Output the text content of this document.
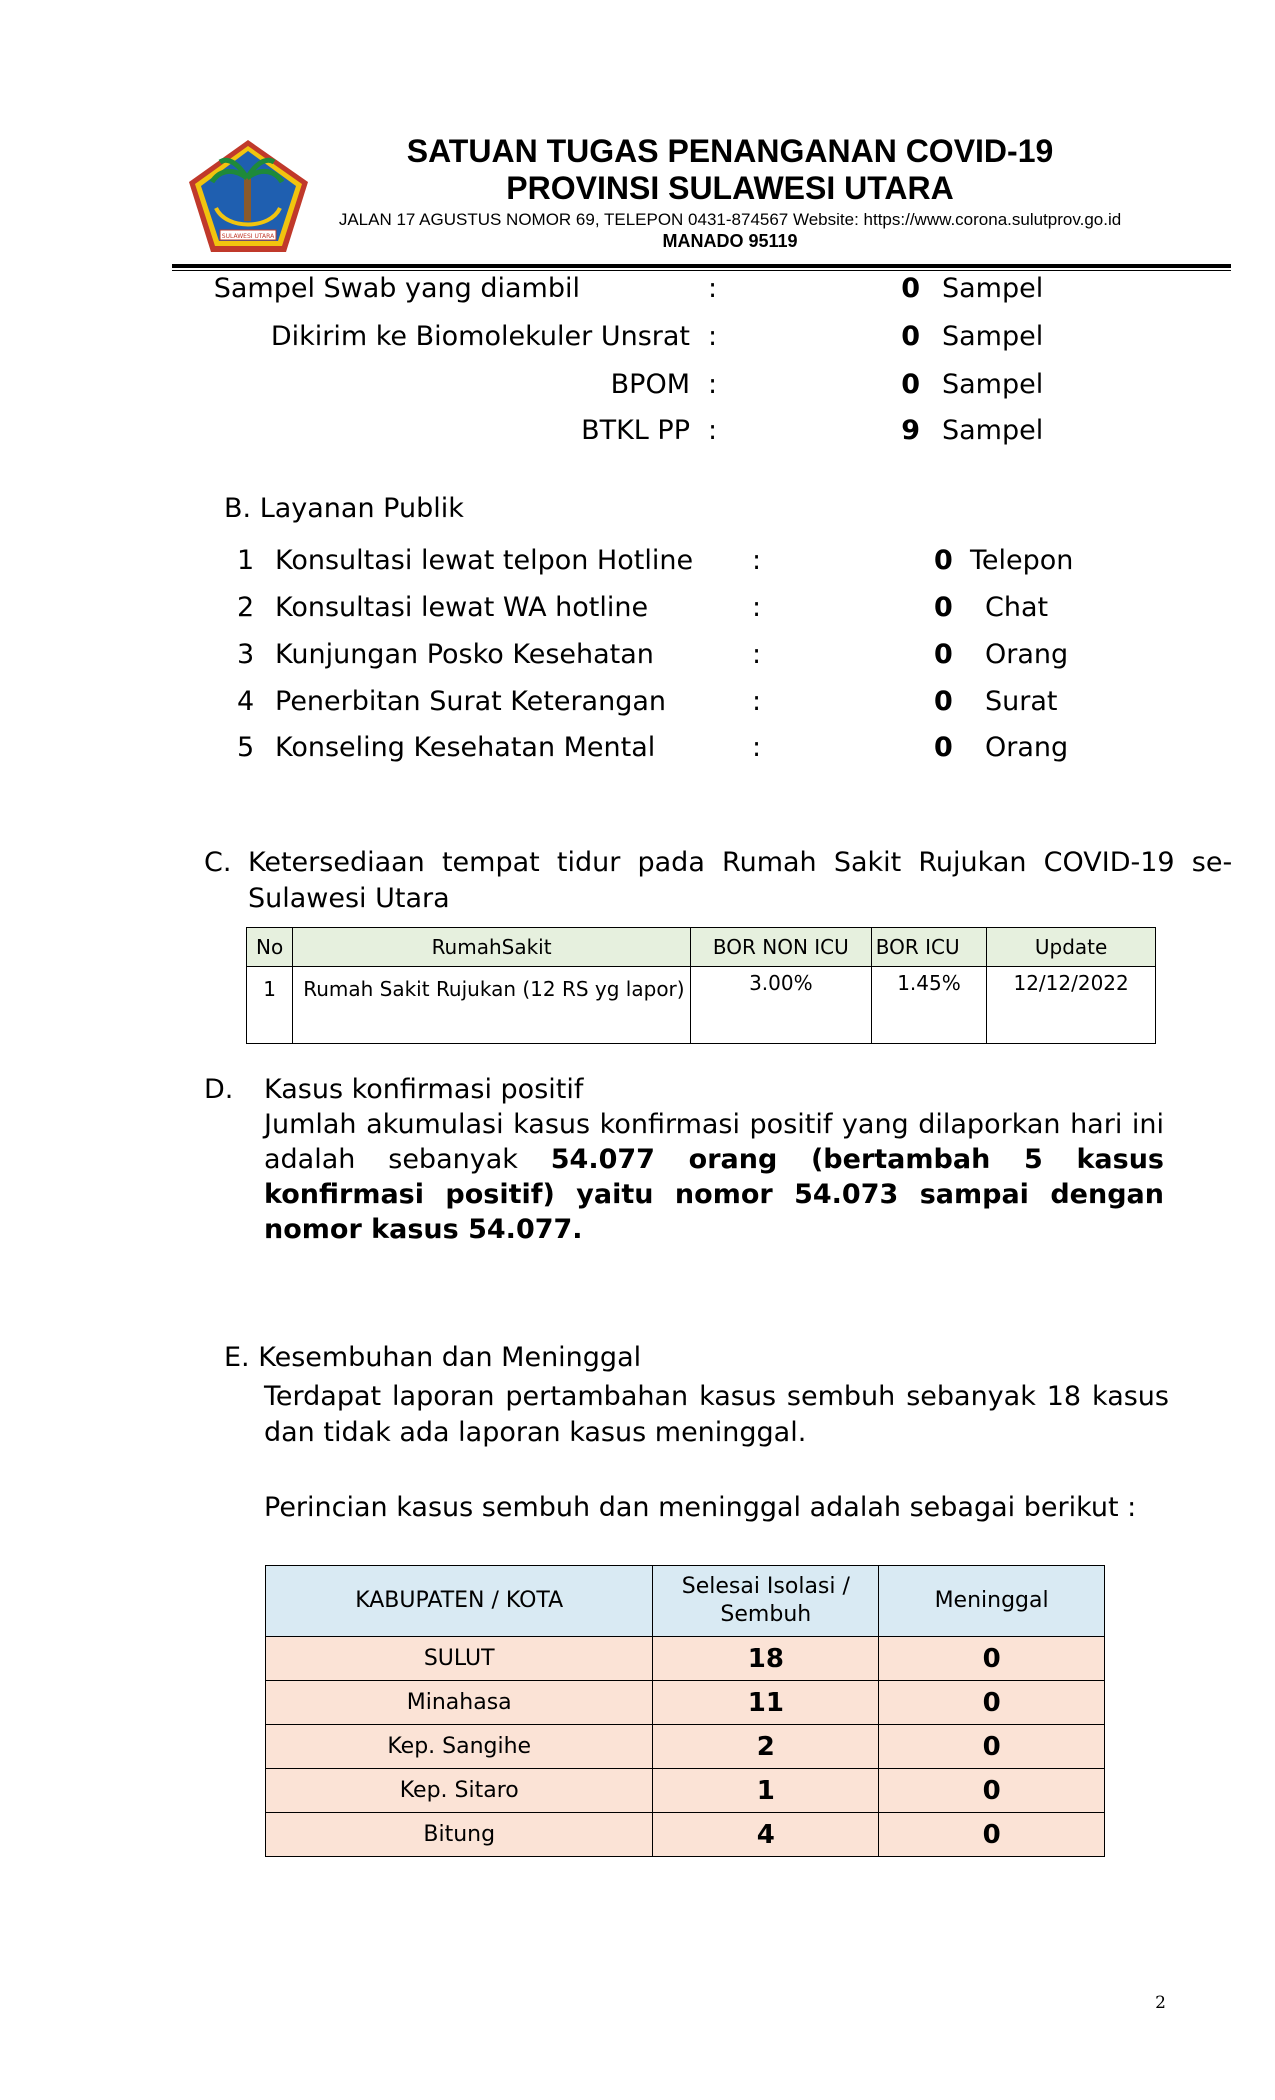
SULAWESI UTARA
SATUAN TUGAS PENANGANAN COVID-19
PROVINSI SULAWESI UTARA
JALAN 17 AGUSTUS NOMOR 69, TELEPON 0431-874567 Website: https://www.corona.sulutprov.go.id
MANADO 95119
Sampel Swab yang diambil	:	0 Sampel
Dikirim ke Biomolekuler Unsrat :	0 Sampel
BPOM :	0 Sampel
BTKL PP :	9 Sampel
B. Layanan Publik
1 Konsultasi lewat telpon Hotline :	0 Telepon
2 Konsultasi lewat WA hotline	:	0 Chat
3 Kunjungan Posko Kesehatan	:	0 Orang
4 Penerbitan Surat Keterangan	:	0 Surat
5 Konseling Kesehatan Mental	:	0 Orang
C. Ketersediaan  tempat  tidur  pada  Rumah  Sakit  Rujukan  COVID-19  se-
Sulawesi Utara
No	RumahSakit	BOR NON ICU	BOR ICU	Update
1	Rumah Sakit Rujukan (12 RS yg lapor)	3.00%	1.45%	12/12/2022
D. Kasus konfirmasi positif
Jumlah akumulasi kasus konfirmasi positif yang dilaporkan hari ini adalah sebanyak 54.077 orang (bertambah 5 kasus konfirmasi positif) yaitu nomor 54.073 sampai dengan nomor kasus 54.077.
E. Kesembuhan dan Meninggal
Terdapat laporan pertambahan kasus sembuh sebanyak 18 kasus dan tidak ada laporan kasus meninggal.
Perincian kasus sembuh dan meninggal adalah sebagai berikut :
KABUPATEN / KOTA	Selesai Isolasi / Sembuh	Meninggal
SULUT	18	0
Minahasa	11	0
Kep. Sangihe	2	0
Kep. Sitaro	1	0
Bitung	4	0
2
